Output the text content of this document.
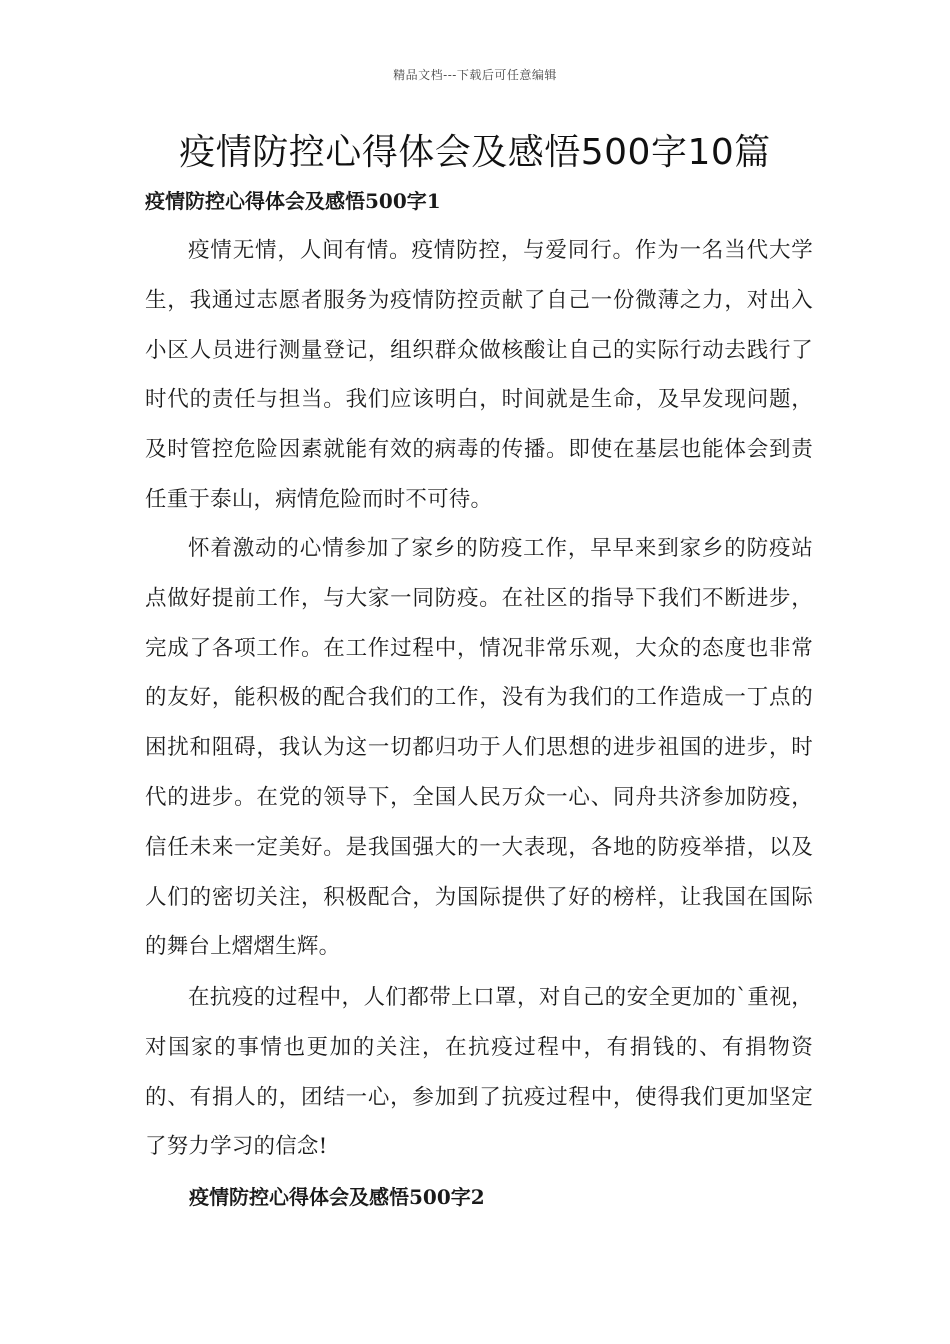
精品文档---下载后可任意编辑
疫情防控心得体会及感悟500字10篇
疫情防控心得体会及感悟500字1

疫情无情，人间有情。疫情防控，与爱同行。作为一名当代大学生，我通过志愿者服务为疫情防控贡献了自己一份微薄之力，对出入小区人员进行测量登记，组织群众做核酸让自己的实际行动去践行了时代的责任与担当。我们应该明白，时间就是生命，及早发现问题，及时管控危险因素就能有效的病毒的传播。即使在基层也能体会到责任重于泰山，病情危险而时不可待。

怀着激动的心情参加了家乡的防疫工作，早早来到家乡的防疫站点做好提前工作，与大家一同防疫。在社区的指导下我们不断进步，完成了各项工作。在工作过程中，情况非常乐观，大众的态度也非常的友好，能积极的配合我们的工作，没有为我们的工作造成一丁点的困扰和阻碍，我认为这一切都归功于人们思想的进步祖国的进步，时代的进步。在党的领导下，全国人民万众一心、同舟共济参加防疫，信任未来一定美好。是我国强大的一大表现，各地的防疫举措，以及人们的密切关注，积极配合，为国际提供了好的榜样，让我国在国际的舞台上熠熠生辉。

在抗疫的过程中，人们都带上口罩，对自己的安全更加的`重视，对国家的事情也更加的关注，在抗疫过程中，有捐钱的、有捐物资的、有捐人的，团结一心，参加到了抗疫过程中，使得我们更加坚定了努力学习的信念!

疫情防控心得体会及感悟500字2
